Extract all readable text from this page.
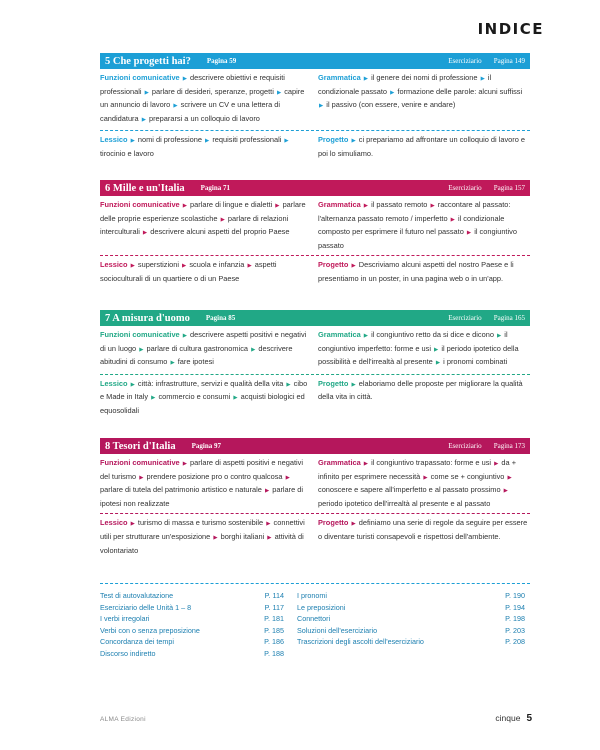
INDICE
5 Che progetti hai? Pagina 59	Eserciziario Pagina 149
Funzioni comunicative ▶ descrivere obiettivi e requisiti professionali ▶ parlare di desideri, speranze, progetti ▶ capire un annuncio di lavoro ▶ scrivere un CV e una lettera di candidatura ▶ prepararsi a un colloquio di lavoro
Grammatica ▶ il genere dei nomi di professione ▶ il condizionale passato ▶ formazione delle parole: alcuni suffissi ▶ il passivo (con essere, venire e andare)
Lessico ▶ nomi di professione ▶ requisiti professionali ▶ tirocinio e lavoro
Progetto ▶ ci prepariamo ad affrontare un colloquio di lavoro e poi lo simuliamo.
6 Mille e un'Italia Pagina 71	Eserciziario Pagina 157
Funzioni comunicative ▶ parlare di lingue e dialetti ▶ parlare delle proprie esperienze scolastiche ▶ parlare di relazioni interculturali ▶ descrivere alcuni aspetti del proprio Paese
Grammatica ▶ il passato remoto ▶ raccontare al passato: l'alternanza passato remoto / imperfetto ▶ il condizionale composto per esprimere il futuro nel passato ▶ il congiuntivo passato
Lessico ▶ superstizioni ▶ scuola e infanzia ▶ aspetti socioculturali di un quartiere o di un Paese
Progetto ▶ Descriviamo alcuni aspetti del nostro Paese e li presentiamo in un poster, in una pagina web o in un'app.
7 A misura d'uomo Pagina 85	Eserciziario Pagina 165
Funzioni comunicative ▶ descrivere aspetti positivi e negativi di un luogo ▶ parlare di cultura gastronomica ▶ descrivere abitudini di consumo ▶ fare ipotesi
Grammatica ▶ il congiuntivo retto da si dice e dicono ▶ il congiuntivo imperfetto: forme e usi ▶ il periodo ipotetico della possibilità e dell'irrealtà al presente ▶ i pronomi combinati
Lessico ▶ città: infrastrutture, servizi e qualità della vita ▶ cibo e Made in Italy ▶ commercio e consumi ▶ acquisti biologici ed equosolidali
Progetto ▶ elaboriamo delle proposte per migliorare la qualità della vita in città.
8 Tesori d'Italia Pagina 97	Eserciziario Pagina 173
Funzioni comunicative ▶ parlare di aspetti positivi e negativi del turismo ▶ prendere posizione pro o contro qualcosa ▶ parlare di tutela del patrimonio artistico e naturale ▶ parlare di ipotesi non realizzate
Grammatica ▶ il congiuntivo trapassato: forme e usi ▶ da + infinito per esprimere necessità ▶ come se + congiuntivo ▶ conoscere e sapere all'imperfetto e al passato prossimo ▶ periodo ipotetico dell'irrealtà al presente e al passato
Lessico ▶ turismo di massa e turismo sostenibile ▶ connettivi utili per strutturare un'esposizione ▶ borghi italiani ▶ attività di volontariato
Progetto ▶ definiamo una serie di regole da seguire per essere o diventare turisti consapevoli e rispettosi dell'ambiente.
Test di autovalutazione	P. 114
Eserciziario delle Unità 1 – 8	P. 117
I verbi irregolari	P. 181
Verbi con o senza preposizione	P. 185
Concordanza dei tempi	P. 186
Discorso indiretto	P. 188
I pronomi	P. 190
Le preposizioni	P. 194
Connettori	P. 198
Soluzioni dell'eserciziario	P. 203
Trascrizioni degli ascolti dell'eserciziario	P. 208
ALMA Edizioni	cinque 5
